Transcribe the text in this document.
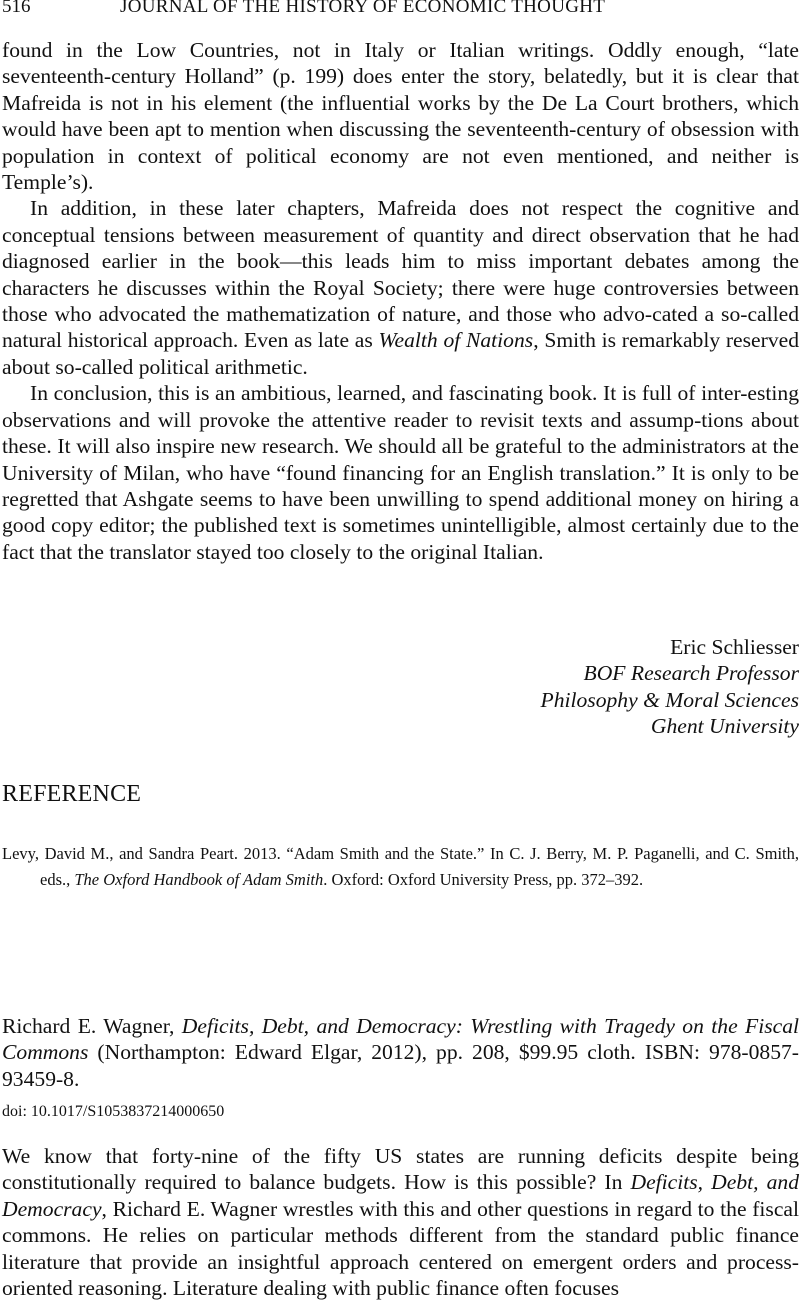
516	JOURNAL OF THE HISTORY OF ECONOMIC THOUGHT

found in the Low Countries, not in Italy or Italian writings. Oddly enough, “late seventeenth-century Holland” (p. 199) does enter the story, belatedly, but it is clear that Mafreida is not in his element (the influential works by the De La Court brothers, which would have been apt to mention when discussing the seventeenth-century of obsession with population in context of political economy are not even mentioned, and neither is Temple’s).

In addition, in these later chapters, Mafreida does not respect the cognitive and conceptual tensions between measurement of quantity and direct observation that he had diagnosed earlier in the book—this leads him to miss important debates among the characters he discusses within the Royal Society; there were huge controversies between those who advocated the mathematization of nature, and those who advo-cated a so-called natural historical approach. Even as late as Wealth of Nations, Smith is remarkably reserved about so-called political arithmetic.

In conclusion, this is an ambitious, learned, and fascinating book. It is full of inter-esting observations and will provoke the attentive reader to revisit texts and assump-tions about these. It will also inspire new research. We should all be grateful to the administrators at the University of Milan, who have “found financing for an English translation.” It is only to be regretted that Ashgate seems to have been unwilling to spend additional money on hiring a good copy editor; the published text is sometimes unintelligible, almost certainly due to the fact that the translator stayed too closely to the original Italian.

Eric Schliesser
BOF Research Professor
Philosophy & Moral Sciences
Ghent University
REFERENCE
Levy, David M., and Sandra Peart. 2013. “Adam Smith and the State.” In C. J. Berry, M. P. Paganelli, and C. Smith, eds., The Oxford Handbook of Adam Smith. Oxford: Oxford University Press, pp. 372–392.
Richard E. Wagner, Deficits, Debt, and Democracy: Wrestling with Tragedy on the Fiscal Commons (Northampton: Edward Elgar, 2012), pp. 208, $99.95 cloth. ISBN: 978-0857-93459-8.
doi: 10.1017/S1053837214000650

We know that forty-nine of the fifty US states are running deficits despite being constitutionally required to balance budgets. How is this possible? In Deficits, Debt, and Democracy, Richard E. Wagner wrestles with this and other questions in regard to the fiscal commons. He relies on particular methods different from the standard public finance literature that provide an insightful approach centered on emergent orders and process-oriented reasoning. Literature dealing with public finance often focuses
